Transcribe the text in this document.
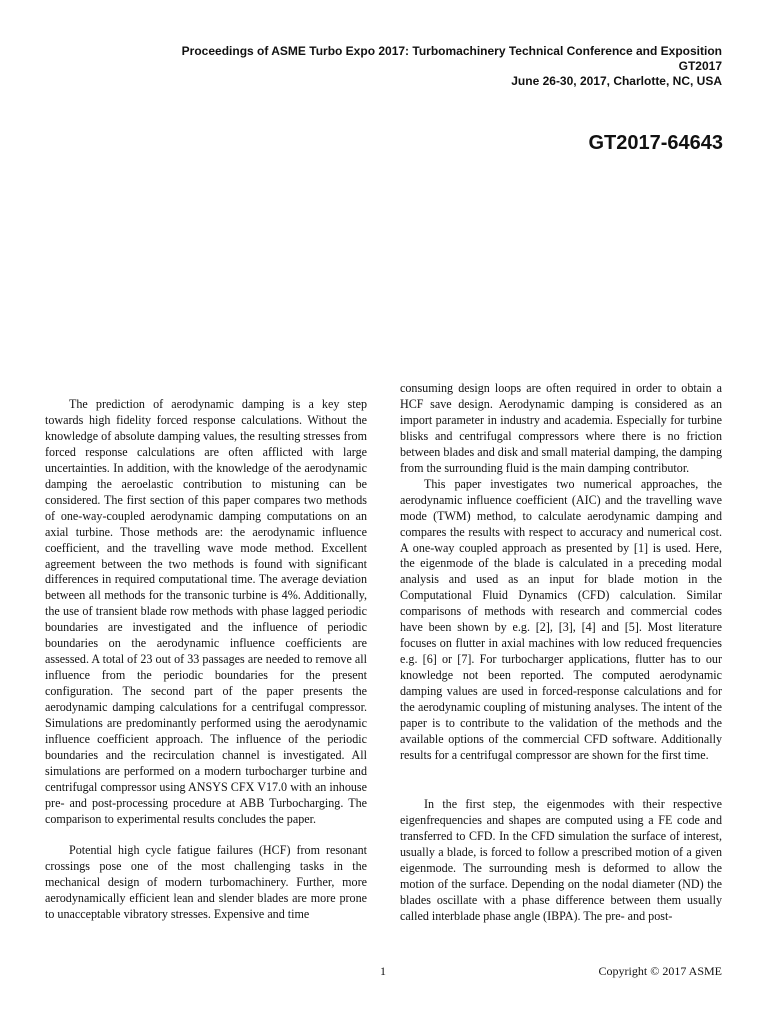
Proceedings of ASME Turbo Expo 2017: Turbomachinery Technical Conference and Exposition
GT2017
June 26-30, 2017, Charlotte, NC, USA
GT2017-64643

The prediction of aerodynamic damping is a key step towards high fidelity forced response calculations. Without the knowledge of absolute damping values, the resulting stresses from forced response calculations are often afflicted with large uncertainties. In addition, with the knowledge of the aerodynamic damping the aeroelastic contribution to mistuning can be considered. The first section of this paper compares two methods of one-way-coupled aerodynamic damping computations on an axial turbine. Those methods are: the aerodynamic influence coefficient, and the travelling wave mode method. Excellent agreement between the two methods is found with significant differences in required computational time. The average deviation between all methods for the transonic turbine is 4%. Additionally, the use of transient blade row methods with phase lagged periodic boundaries are investigated and the influence of periodic boundaries on the aerodynamic influence coefficients are assessed. A total of 23 out of 33 passages are needed to remove all influence from the periodic boundaries for the present configuration. The second part of the paper presents the aerodynamic damping calculations for a centrifugal compressor. Simulations are predominantly performed using the aerodynamic influence coefficient approach. The influence of the periodic boundaries and the recirculation channel is investigated. All simulations are performed on a modern turbocharger turbine and centrifugal compressor using ANSYS CFX V17.0 with an inhouse pre- and post-processing procedure at ABB Turbocharging. The comparison to experimental results concludes the paper.

Potential high cycle fatigue failures (HCF) from resonant crossings pose one of the most challenging tasks in the mechanical design of modern turbomachinery. Further, more aerodynamically efficient lean and slender blades are more prone to unacceptable vibratory stresses. Expensive and time

consuming design loops are often required in order to obtain a HCF save design. Aerodynamic damping is considered as an import parameter in industry and academia. Especially for turbine blisks and centrifugal compressors where there is no friction between blades and disk and small material damping, the damping from the surrounding fluid is the main damping contributor.

This paper investigates two numerical approaches, the aerodynamic influence coefficient (AIC) and the travelling wave mode (TWM) method, to calculate aerodynamic damping and compares the results with respect to accuracy and numerical cost. A one-way coupled approach as presented by [1] is used. Here, the eigenmode of the blade is calculated in a preceding modal analysis and used as an input for blade motion in the Computational Fluid Dynamics (CFD) calculation. Similar comparisons of methods with research and commercial codes have been shown by e.g. [2], [3], [4] and [5]. Most literature focuses on flutter in axial machines with low reduced frequencies e.g. [6] or [7]. For turbocharger applications, flutter has to our knowledge not been reported. The computed aerodynamic damping values are used in forced-response calculations and for the aerodynamic coupling of mistuning analyses. The intent of the paper is to contribute to the validation of the methods and the available options of the commercial CFD software. Additionally results for a centrifugal compressor are shown for the first time.

In the first step, the eigenmodes with their respective eigenfrequencies and shapes are computed using a FE code and transferred to CFD. In the CFD simulation the surface of interest, usually a blade, is forced to follow a prescribed motion of a given eigenmode. The surrounding mesh is deformed to allow the motion of the surface. Depending on the nodal diameter (ND) the blades oscillate with a phase difference between them usually called interblade phase angle (IBPA). The pre- and post-

1	Copyright © 2017 ASME
